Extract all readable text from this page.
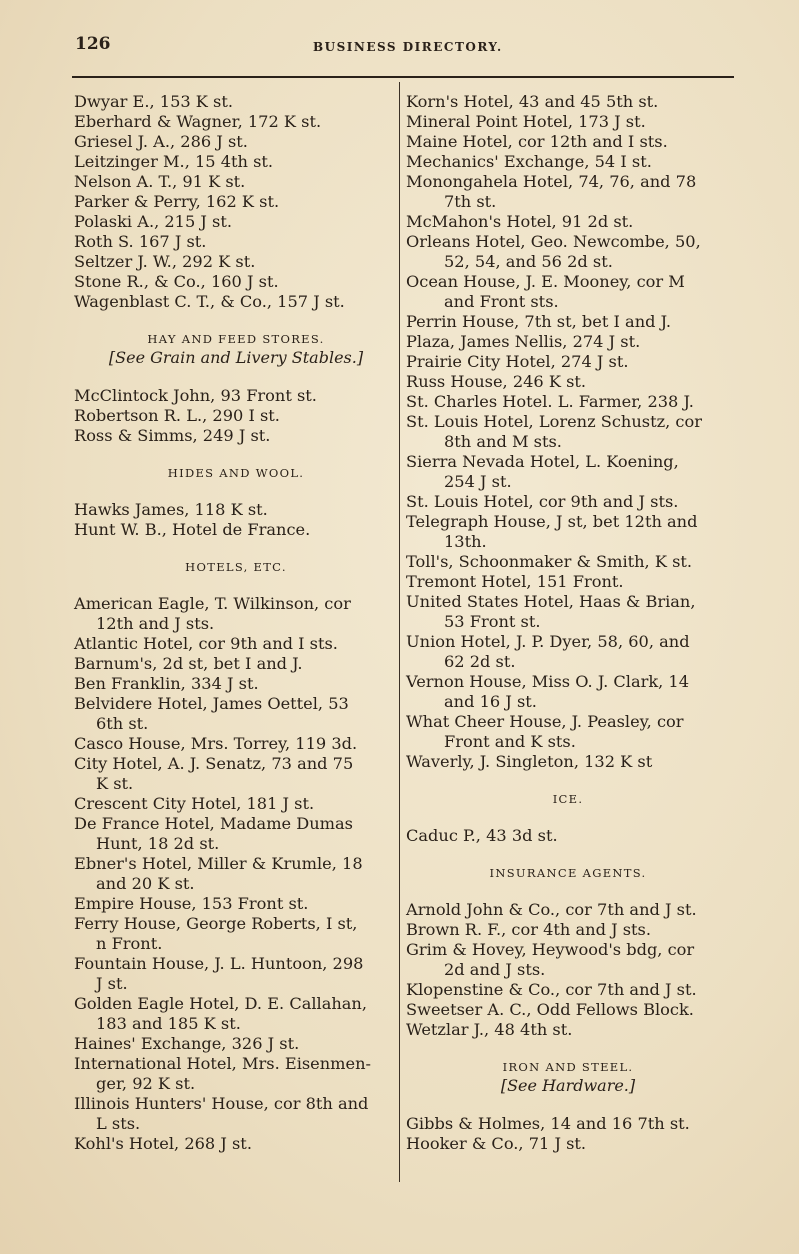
126	BUSINESS DIRECTORY.
Dwyar E., 153 K st.
Eberhard & Wagner, 172 K st.
Griesel J. A., 286 J st.
Leitzinger M., 15 4th st.
Nelson A. T., 91 K st.
Parker & Perry, 162 K st.
Polaski A., 215 J st.
Roth S. 167 J st.
Seltzer J. W., 292 K st.
Stone R., & Co., 160 J st.
Wagenblast C. T., & Co., 157 J st.
HAY AND FEED STORES.
[See Grain and Livery Stables.]
McClintock John, 93 Front st.
Robertson R. L., 290 I st.
Ross & Simms, 249 J st.
HIDES AND WOOL.
Hawks James, 118 K st.
Hunt W. B., Hotel de France.
HOTELS, ETC.
American Eagle, T. Wilkinson, cor
12th and J sts.
Atlantic Hotel, cor 9th and I sts.
Barnum's, 2d st, bet I and J.
Ben Franklin, 334 J st.
Belvidere Hotel, James Oettel, 53
6th st.
Casco House, Mrs. Torrey, 119 3d.
City Hotel, A. J. Senatz, 73 and 75
K st.
Crescent City Hotel, 181 J st.
De France Hotel, Madame Dumas
Hunt, 18 2d st.
Ebner's Hotel, Miller & Krumle, 18
and 20 K st.
Empire House, 153 Front st.
Ferry House, George Roberts, I st,
n Front.
Fountain House, J. L. Huntoon, 298
J st.
Golden Eagle Hotel, D. E. Callahan,
183 and 185 K st.
Haines' Exchange, 326 J st.
International Hotel, Mrs. Eisenmen-
ger, 92 K st.
Illinois Hunters' House, cor 8th and
L sts.
Kohl's Hotel, 268 J st.
Korn's Hotel, 43 and 45 5th st.
Mineral Point Hotel, 173 J st.
Maine Hotel, cor 12th and I sts.
Mechanics' Exchange, 54 I st.
Monongahela Hotel, 74, 76, and 78
7th st.
McMahon's Hotel, 91 2d st.
Orleans Hotel, Geo. Newcombe, 50,
52, 54, and 56 2d st.
Ocean House, J. E. Mooney, cor M
and Front sts.
Perrin House, 7th st, bet I and J.
Plaza, James Nellis, 274 J st.
Prairie City Hotel, 274 J st.
Russ House, 246 K st.
St. Charles Hotel. L. Farmer, 238 J.
St. Louis Hotel, Lorenz Schustz, cor
8th and M sts.
Sierra Nevada Hotel, L. Koening,
254 J st.
St. Louis Hotel, cor 9th and J sts.
Telegraph House, J st, bet 12th and
13th.
Toll's, Schoonmaker & Smith, K st.
Tremont Hotel, 151 Front.
United States Hotel, Haas & Brian,
53 Front st.
Union Hotel, J. P. Dyer, 58, 60, and
62 2d st.
Vernon House, Miss O. J. Clark, 14
and 16 J st.
What Cheer House, J. Peasley, cor
Front and K sts.
Waverly, J. Singleton, 132 K st
ICE.
Caduc P., 43 3d st.
INSURANCE AGENTS.
Arnold John & Co., cor 7th and J st.
Brown R. F., cor 4th and J sts.
Grim & Hovey, Heywood's bdg, cor
2d and J sts.
Klopenstine & Co., cor 7th and J st.
Sweetser A. C., Odd Fellows Block.
Wetzlar J., 48 4th st.
IRON AND STEEL.
[See Hardware.]
Gibbs & Holmes, 14 and 16 7th st.
Hooker & Co., 71 J st.
